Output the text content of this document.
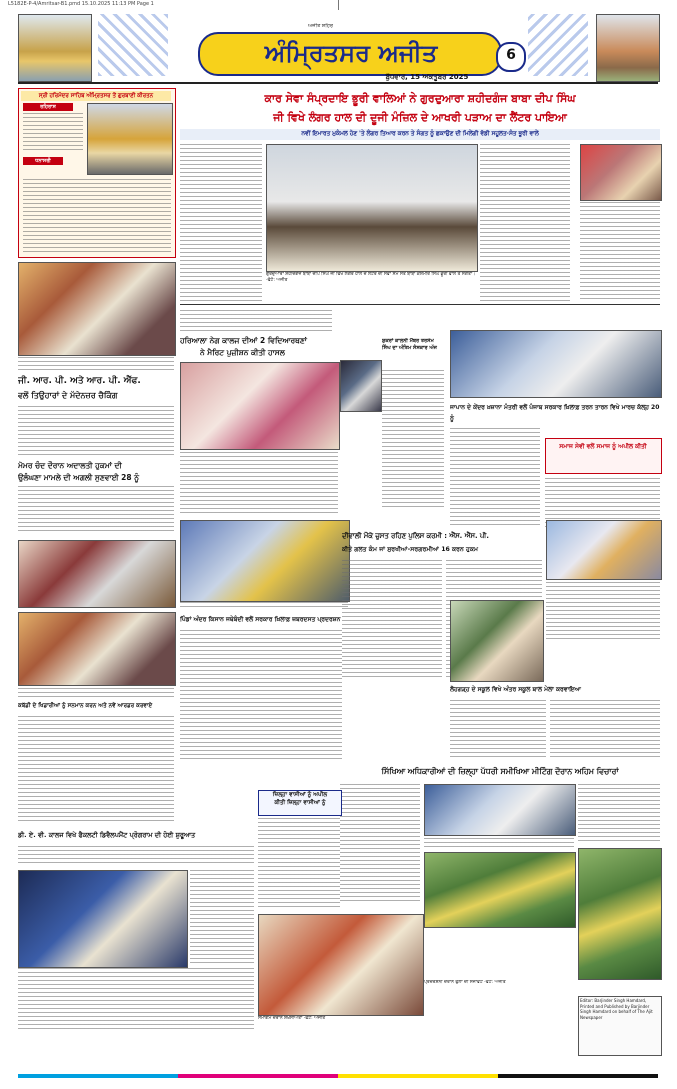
L5182E-P-4/Amritsar-B1.pmd 15.10.2025 11:13 PM Page 1
ਅੰਮ੍ਰਿਤਸਰ ਅਜੀਤ
ਅਜੀਤ ਸ਼ਹਿਰ
ਬੁੱਧਵਾਰ, 15 ਅਕਤੂਬਰ 2025
6
ਸ੍ਰੀ ਹਰਿਮੰਦਰ ਸਾਹਿਬ ਅੰਮ੍ਰਿਤਸਰ ਤੋਂ ਗੁਰਬਾਣੀ ਕੀਰਤਨ
ਰਹਿਰਾਸ
ਧਨਾਸਰੀ
ਕਾਰ ਸੇਵਾ ਸੰਪ੍ਰਦਾਇ ਭੂਰੀ ਵਾਲਿਆਂ ਨੇ ਗੁਰਦੁਆਰਾ ਸ਼ਹੀਦਗੰਜ ਬਾਬਾ ਦੀਪ ਸਿੰਘ
ਜੀ ਵਿਖੇ ਲੰਗਰ ਹਾਲ ਦੀ ਦੂਜੀ ਮੰਜ਼ਿਲ ਦੇ ਆਖਰੀ ਪੜਾਅ ਦਾ ਲੈਂਟਰ ਪਾਇਆ
ਨਵੀਂ ਇਮਾਰਤ ਮੁਕੰਮਲ ਹੋਣ 'ਤੇ ਲੰਗਰ ਤਿਆਰ ਕਰਨ ਤੇ ਸੰਗਤ ਨੂੰ ਛਕਾਉਣ ਦੀ ਮਿਲੇਗੀ ਵੱਡੀ ਸਹੂਲਤ-ਸੰਤ ਭੂਰੀ ਵਾਲੇ
ਗੁਰਦੁਆਰਾ ਸ਼ਹੀਦਗੰਜ ਬਾਬਾ ਦੀਪ ਸਿੰਘ ਜੀ ਵਿਖੇ ਲੰਗਰ ਹਾਲ ਦੇ ਲੈਂਟਰ ਦੀ ਸੇਵਾ ਸਮੇਂ ਸੰਤ ਬਾਬਾ ਕਸ਼ਮੀਰ ਸਿੰਘ ਭੂਰੀ ਵਾਲੇ ਤੇ ਸੰਗਤਾਂ। -ਫੋਟੋ: ਅਜੀਤ
ਹਰਿਆਲਾ ਨੇਗ ਕਾਲਜ ਦੀਆਂ 2 ਵਿਦਿਆਰਥਣਾਂ
ਨੇ ਮੈਰਿਟ ਪੁਜ਼ੀਸ਼ਨ ਕੀਤੀ ਹਾਸਲ
ਸ਼ੁਕਰਾਂ ਕਾਲੋਨੀ ਮੈਂਬਰ ਤਰਸੇਮ ਸਿੰਘ ਦਾ ਅੰਤਿਮ ਸੰਸਕਾਰ ਅੱਜ
ਜੀ. ਆਰ. ਪੀ. ਅਤੇ ਆਰ. ਪੀ. ਐੱਫ.
ਵਲੋਂ ਤਿਉਹਾਰਾਂ ਦੇ ਮੱਦੇਨਜ਼ਰ ਚੈਕਿੰਗ
ਮੋਮਰ ਚੰਦ ਦੌਰਾਨ ਅਦਾਲਤੀ ਹੁਕਮਾਂ ਦੀ
ਉਲੰਘਣਾ ਮਾਮਲੇ ਦੀ ਅਗਲੀ ਸੁਣਵਾਈ 28 ਨੂੰ
ਜਾਪਾਨ ਦੇ ਕੇਂਦਰ ਖ਼ਜ਼ਾਨਾ ਮੰਤਰੀ ਵਲੋਂ ਪੰਜਾਬ ਸਰਕਾਰ ਖ਼ਿਲਾਫ਼ ਤਰਨ ਤਾਰਨ ਵਿਖੇ ਮਾਰਚ ਕੱਲ੍ਹ 20 ਨੂੰ
ਸਮਾਜ ਸੇਵੀ ਵਲੋਂ ਸਮਾਜ ਨੂੰ ਅਪੀਲ ਕੀਤੀ
ਪਿੰਡਾਂ ਅੰਦਰ ਕਿਸਾਨ ਜਥੇਬੰਦੀ ਵਲੋਂ ਸਰਕਾਰ ਖ਼ਿਲਾਫ਼ ਜ਼ਬਰਦਸਤ ਪ੍ਰਦਰਸ਼ਨ
ਦੀਵਾਲੀ ਮੌਕੇ ਚੁਸਤ ਰਹਿਣ ਪੁਲਿਸ ਕਰਮੀ : ਐੱਸ. ਐੱਸ. ਪੀ.
ਕੀਤੇ ਗਲਤ ਕੰਮ ਜਾਂ ਸੁਰਖੀਆਂ-ਸਰਗਰਮੀਆਂ 16 ਕਰਨ ਹੁਕਮ
ਕਬੱਡੀ ਦੇ ਖਿਡਾਰੀਆਂ ਨੂੰ ਸਨਮਾਨ ਕਰਨ ਅਤੇ ਨਵੇਂ ਆਰਡਰ ਕਰਵਾਏ
ਲੋਹਗੜ੍ਹ ਦੇ ਸਕੂਲ ਵਿਖੇ ਅੰਤਰ ਸਕੂਲ ਬਾਲ ਮੇਲਾ ਕਰਵਾਇਆ
ਸਿੱਖਿਆ ਅਧਿਕਾਰੀਆਂ ਦੀ ਜ਼ਿਲ੍ਹਾ ਪੱਧਰੀ ਸਮੀਖਿਆ ਮੀਟਿੰਗ ਦੌਰਾਨ ਅਹਿਮ ਵਿਚਾਰਾਂ
ਪ੍ਰਦਰਸ਼ਨੀ ਦੌਰਾਨ ਫੁੱਲਾਂ ਦੀ ਸਜਾਵਟ -ਫੋਟੋ: ਅਜੀਤ
ਜ਼ਿਲ੍ਹਾ ਵਾਸੀਆਂ ਨੂੰ ਅਪੀਲ
ਕੀਤੀ ਜ਼ਿਲ੍ਹਾ ਵਾਸੀਆਂ ਨੂੰ
ਡੀ. ਏ. ਵੀ. ਕਾਲਜ ਵਿਖੇ ਫੈਕਲਟੀ ਡਿਵੈਲਪਮੈਂਟ ਪ੍ਰੋਗਰਾਮ ਦੀ ਹੋਈ ਸ਼ੁਰੂਆਤ
ਸਮਾਗਮ ਦੌਰਾਨ ਸ਼ਖ਼ਸੀਅਤਾਂ -ਫੋਟੋ: ਅਜੀਤ
Editor: Barjinder Singh Hamdard, Printed and Published by Barjinder Singh Hamdard on behalf of The Ajit Newspaper
